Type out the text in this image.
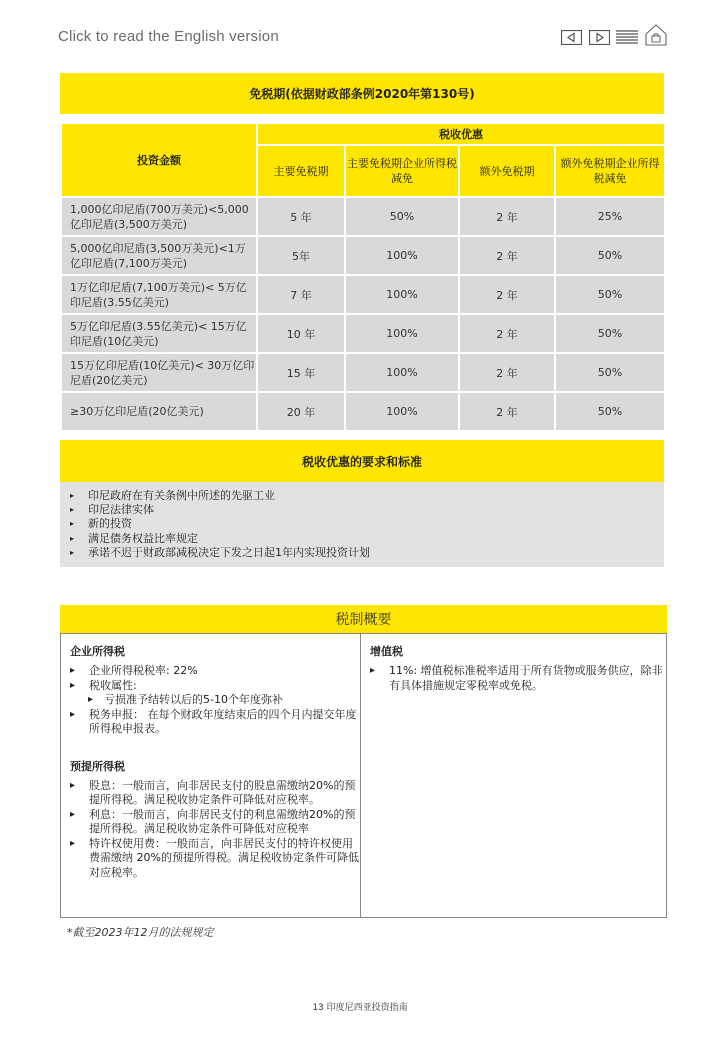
Click to read the English version
免税期(依据财政部条例2020年第130号)
投资金额	税收优惠			
	主要免税期	主要免税期企业所得税减免	额外免税期	额外免税期企业所得税减免
1,000亿印尼盾(700万美元)<5,000亿印尼盾(3,500万美元)	5 年	50%	2 年	25%
5,000亿印尼盾(3,500万美元)<1万亿印尼盾(7,100万美元)	5年	100%	2 年	50%
1万亿印尼盾(7,100万美元)< 5万亿印尼盾(3.55亿美元)	7 年	100%	2 年	50%
5万亿印尼盾(3.55亿美元)< 15万亿印尼盾(10亿美元)	10 年	100%	2 年	50%
15万亿印尼盾(10亿美元)< 30万亿印尼盾(20亿美元)	15 年	100%	2 年	50%
≥30万亿印尼盾(20亿美元)	20 年	100%	2 年	50%
税收优惠的要求和标准
▸ 印尼政府在有关条例中所述的先驱工业
▸ 印尼法律实体
▸ 新的投资
▸ 满足债务权益比率规定
▸ 承诺不迟于财政部减税决定下发之日起1年内实现投资计划
税制概要
企业所得税
▸ 企业所得税税率: 22%
▸ 税收属性:
▸ 亏损准予结转以后的5-10个年度弥补
▸ 税务申报： 在每个财政年度结束后的四个月内提交年度所得税申报表。
预提所得税
▸ 股息：一般而言，向非居民支付的股息需缴纳20%的预提所得税。满足税收协定条件可降低对应税率。
▸ 利息：一般而言，向非居民支付的利息需缴纳20%的预提所得税。满足税收协定条件可降低对应税率
▸ 特许权使用费：一般而言，向非居民支付的特许权使用 费需缴纳 20%的预提所得税。满足税收协定条件可降低对应税率。
增值税
▸ 11%: 增值税标准税率适用于所有货物或服务供应，除非有具体措施规定零税率或免税。
*截至2023年12月的法规规定
13 印度尼西亚投资指南
